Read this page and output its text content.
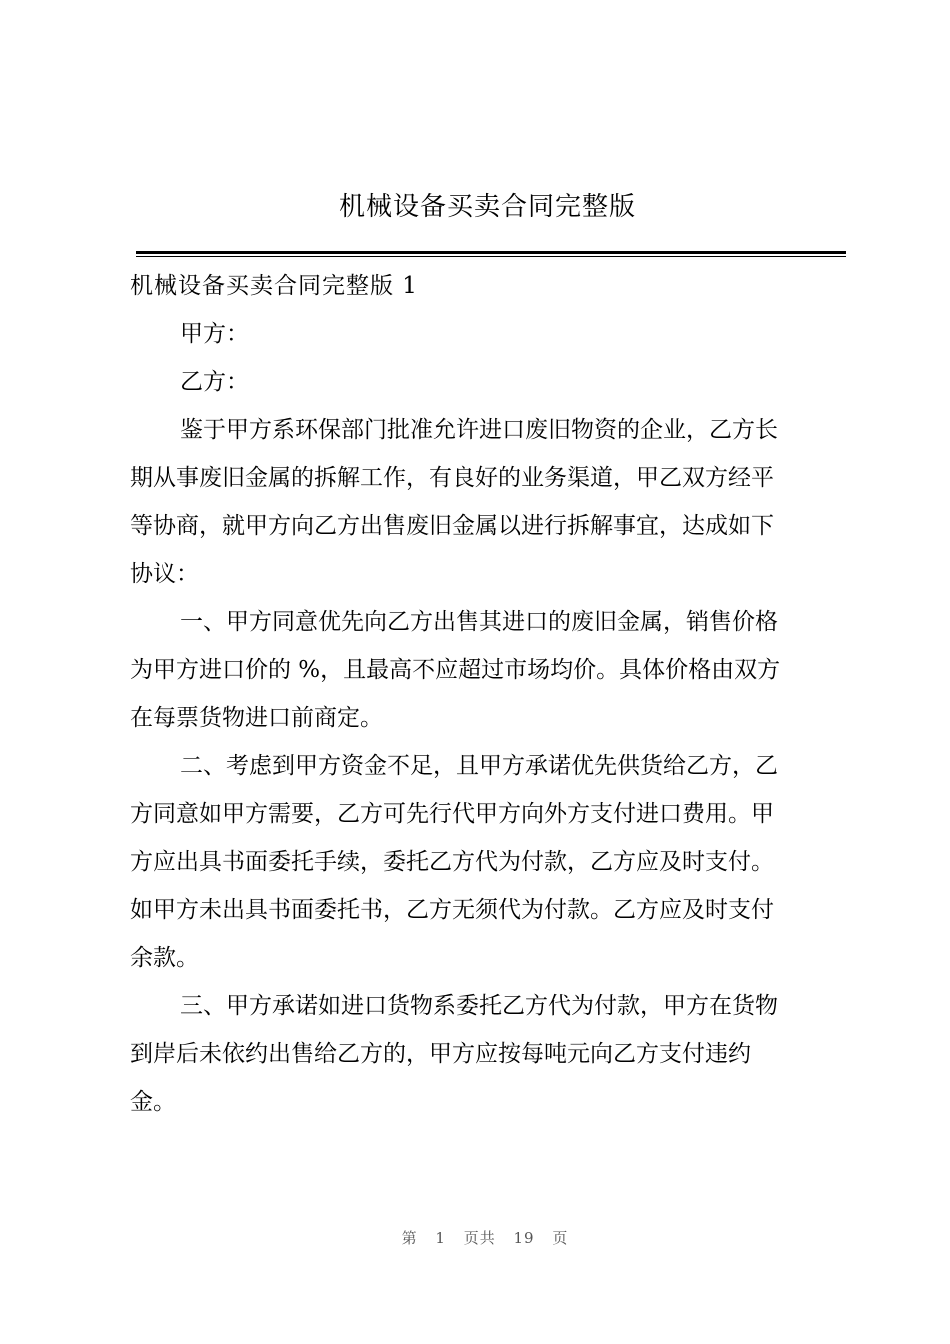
机械设备买卖合同完整版
机械设备买卖合同完整版 1
甲方：
乙方：
鉴于甲方系环保部门批准允许进口废旧物资的企业，乙方长
期从事废旧金属的拆解工作，有良好的业务渠道，甲乙双方经平
等协商，就甲方向乙方出售废旧金属以进行拆解事宜，达成如下
协议：
一、甲方同意优先向乙方出售其进口的废旧金属，销售价格
为甲方进口价的 %，且最高不应超过市场均价。具体价格由双方
在每票货物进口前商定。
二、考虑到甲方资金不足，且甲方承诺优先供货给乙方，乙
方同意如甲方需要，乙方可先行代甲方向外方支付进口费用。甲
方应出具书面委托手续，委托乙方代为付款，乙方应及时支付。
如甲方未出具书面委托书，乙方无须代为付款。乙方应及时支付
余款。
三、甲方承诺如进口货物系委托乙方代为付款，甲方在货物
到岸后未依约出售给乙方的，甲方应按每吨元向乙方支付违约
金。
第 1 页共 19 页
